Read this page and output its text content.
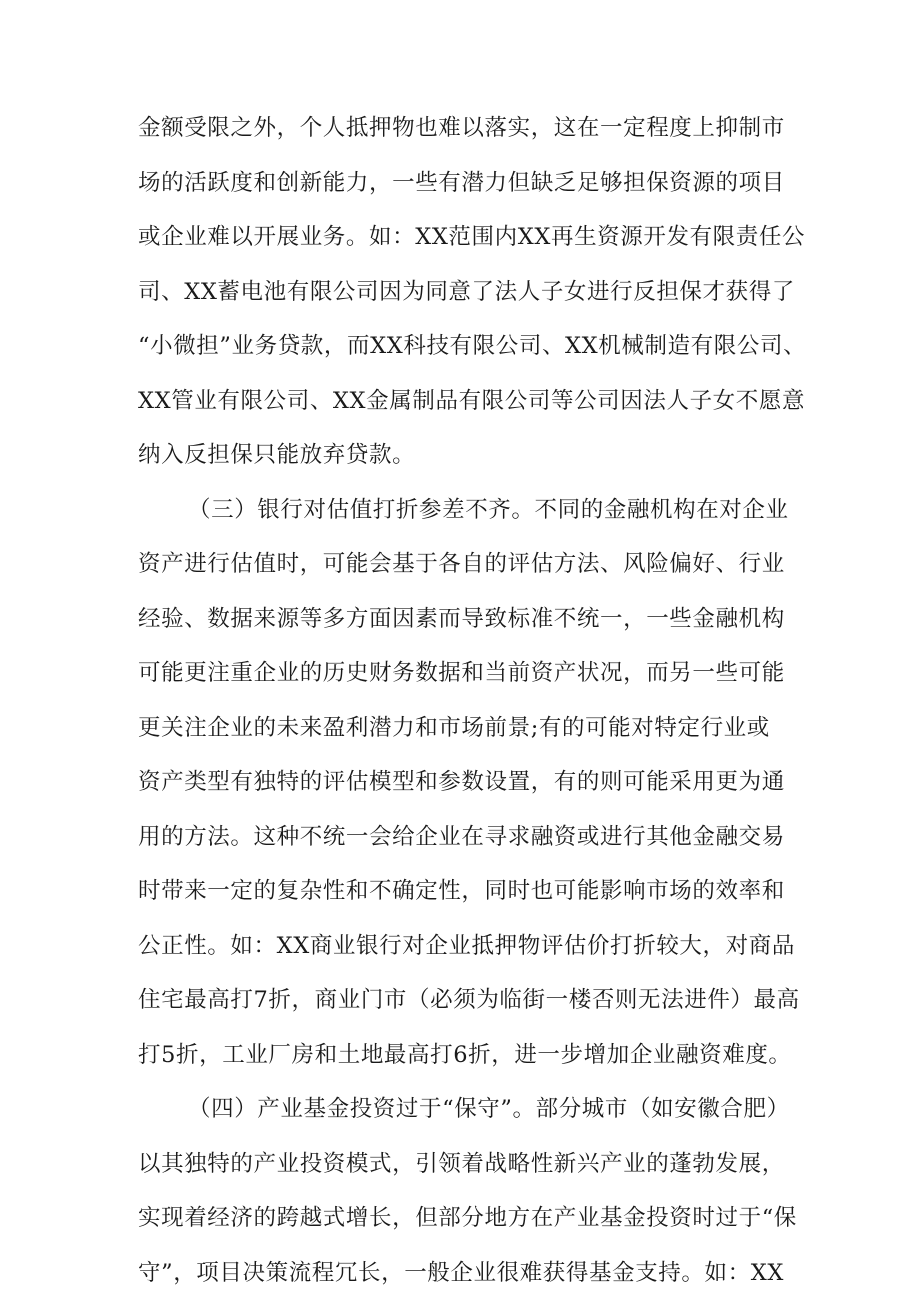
金额受限之外，个人抵押物也难以落实，这在一定程度上抑制市
场的活跃度和创新能力，一些有潜力但缺乏足够担保资源的项目
或企业难以开展业务。如：XX范围内XX再生资源开发有限责任公
司、XX蓄电池有限公司因为同意了法人子女进行反担保才获得了
“小微担”业务贷款，而XX科技有限公司、XX机械制造有限公司、
XX管业有限公司、XX金属制品有限公司等公司因法人子女不愿意
纳入反担保只能放弃贷款。
（三）银行对估值打折参差不齐。不同的金融机构在对企业
资产进行估值时，可能会基于各自的评估方法、风险偏好、行业
经验、数据来源等多方面因素而导致标准不统一，一些金融机构
可能更注重企业的历史财务数据和当前资产状况，而另一些可能
更关注企业的未来盈利潜力和市场前景;有的可能对特定行业或
资产类型有独特的评估模型和参数设置，有的则可能采用更为通
用的方法。这种不统一会给企业在寻求融资或进行其他金融交易
时带来一定的复杂性和不确定性，同时也可能影响市场的效率和
公正性。如：XX商业银行对企业抵押物评估价打折较大，对商品
住宅最高打7折，商业门市（必须为临街一楼否则无法进件）最高
打5折，工业厂房和土地最高打6折，进一步增加企业融资难度。
（四）产业基金投资过于“保守”。部分城市（如安徽合肥）
以其独特的产业投资模式，引领着战略性新兴产业的蓬勃发展，
实现着经济的跨越式增长，但部分地方在产业基金投资时过于“保
守”，项目决策流程冗长，一般企业很难获得基金支持。如：XX
